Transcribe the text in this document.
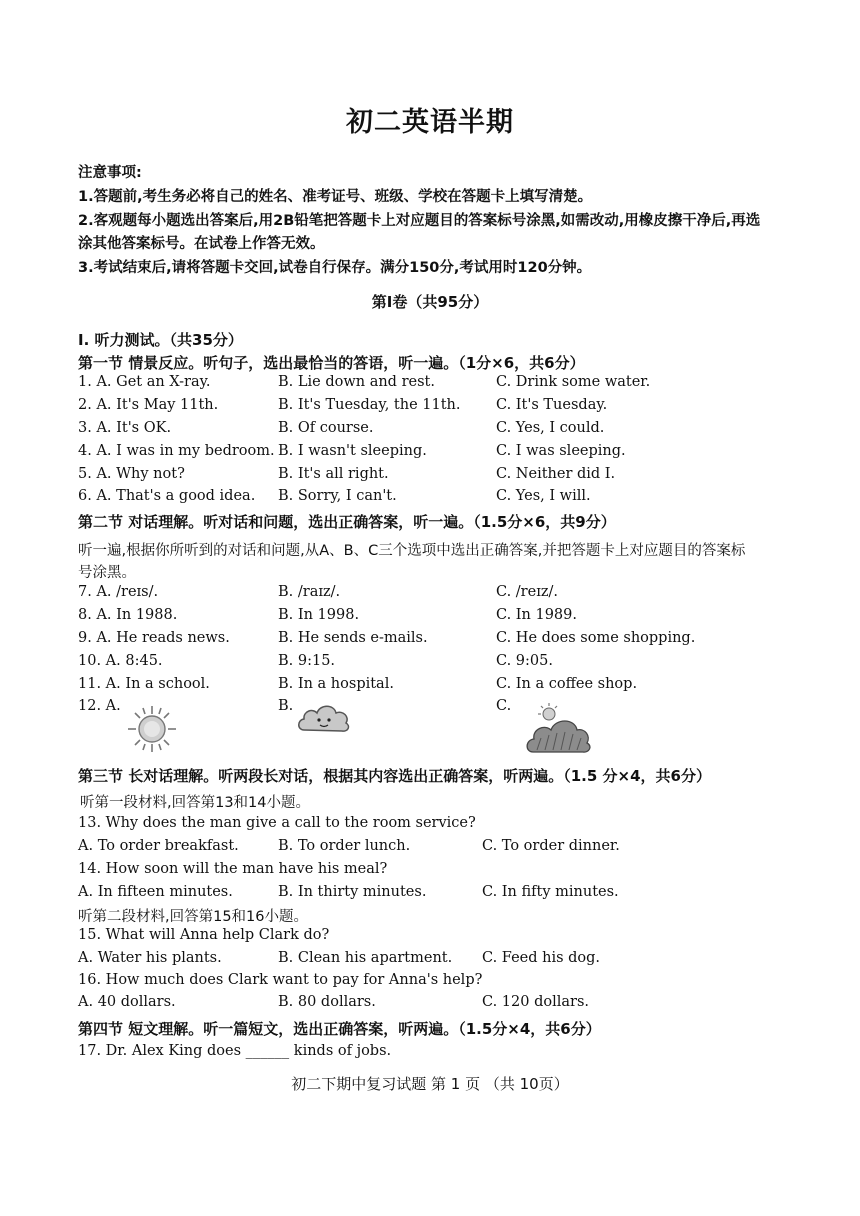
初二英语半期
注意事项:
1.答题前,考生务必将自己的姓名、准考证号、班级、学校在答题卡上填写清楚。
2.客观题每小题选出答案后,用2B铅笔把答题卡上对应题目的答案标号涂黑,如需改动,用橡皮擦干净后,再选
涂其他答案标号。在试卷上作答无效。
3.考试结束后,请将答题卡交回,试卷自行保存。满分150分,考试用时120分钟。
第Ⅰ卷（共95分）
I. 听力测试。（共35分）
第一节 情景反应。听句子，选出最恰当的答语，听一遍。（1分×6，共6分）
1. A. Get an X-ray.	B. Lie down and rest.	C. Drink some water.
2. A. It's May 11th.	B. It's Tuesday, the 11th. C. It's Tuesday.
3. A. It's OK.	B. Of course.	C. Yes, I could.
4. A. I was in my bedroom. B. I wasn't sleeping.	C. I was sleeping.
5. A. Why not?	B. It's all right.	C. Neither did I.
6. A. That's a good idea. B. Sorry, I can't.	C. Yes, I will.
第二节 对话理解。听对话和问题，选出正确答案，听一遍。（1.5分×6，共9分）
听一遍,根据你所听到的对话和问题,从A、B、C三个选项中选出正确答案,并把答题卡上对应题目的答案标
号涂黑。
7. A. /reɪs/.	B. /raɪz/.	C. /reɪz/.
8. A. In 1988.	B. In 1998.	C. In 1989.
9. A. He reads news.	B. He sends e-mails.	C. He does some shopping.
10. A. 8:45.	B. 9:15.	C. 9:05.
11. A. In a school.	B. In a hospital.	C. In a coffee shop.
12. A.	B.	C.
第三节 长对话理解。听两段长对话，根据其内容选出正确答案，听两遍。（1.5 分×4，共6分）
听第一段材料,回答第13和14小题。
13. Why does the man give a call to the room service?
A. To order breakfast.	B. To order lunch.	C. To order dinner.
14. How soon will the man have his meal?
A. In fifteen minutes.	B. In thirty minutes.	C. In fifty minutes.
听第二段材料,回答第15和16小题。
15. What will Anna help Clark do?
A. Water his plants.	B. Clean his apartment. C. Feed his dog.
16. How much does Clark want to pay for Anna's help?
A. 40 dollars.	B. 80 dollars.	C. 120 dollars.
第四节 短文理解。听一篇短文，选出正确答案，听两遍。（1.5分×4，共6分）
17. Dr. Alex King does ______ kinds of jobs.
初二下期中复习试题 第 1 页 （共 10页）
